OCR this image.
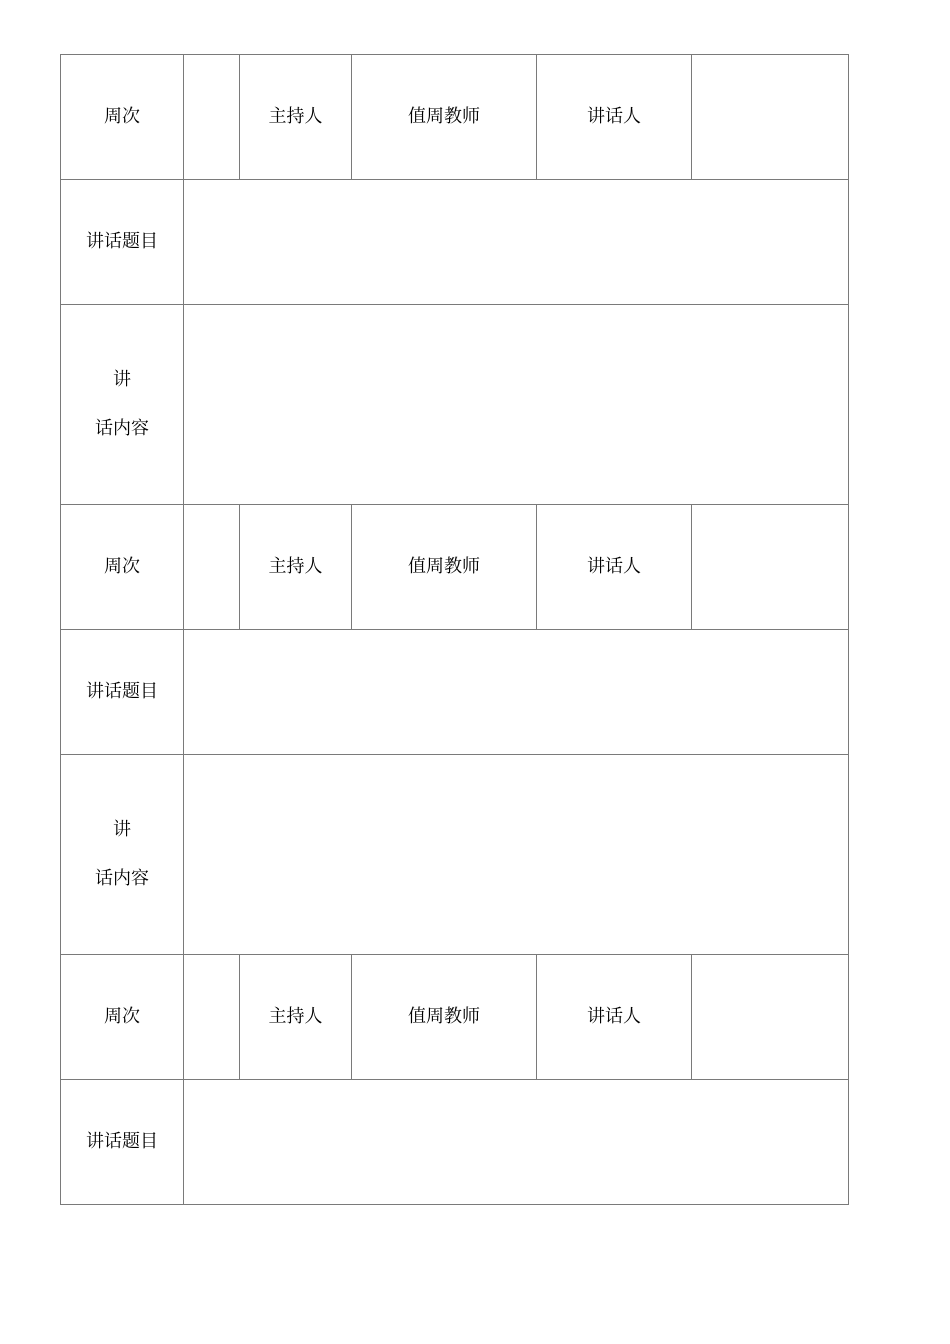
周次		主持人	值周教师	讲话人	
讲话题目					

讲
话内容					

周次		主持人	值周教师	讲话人	
讲话题目					

讲
话内容					

周次		主持人	值周教师	讲话人	
讲话题目					
